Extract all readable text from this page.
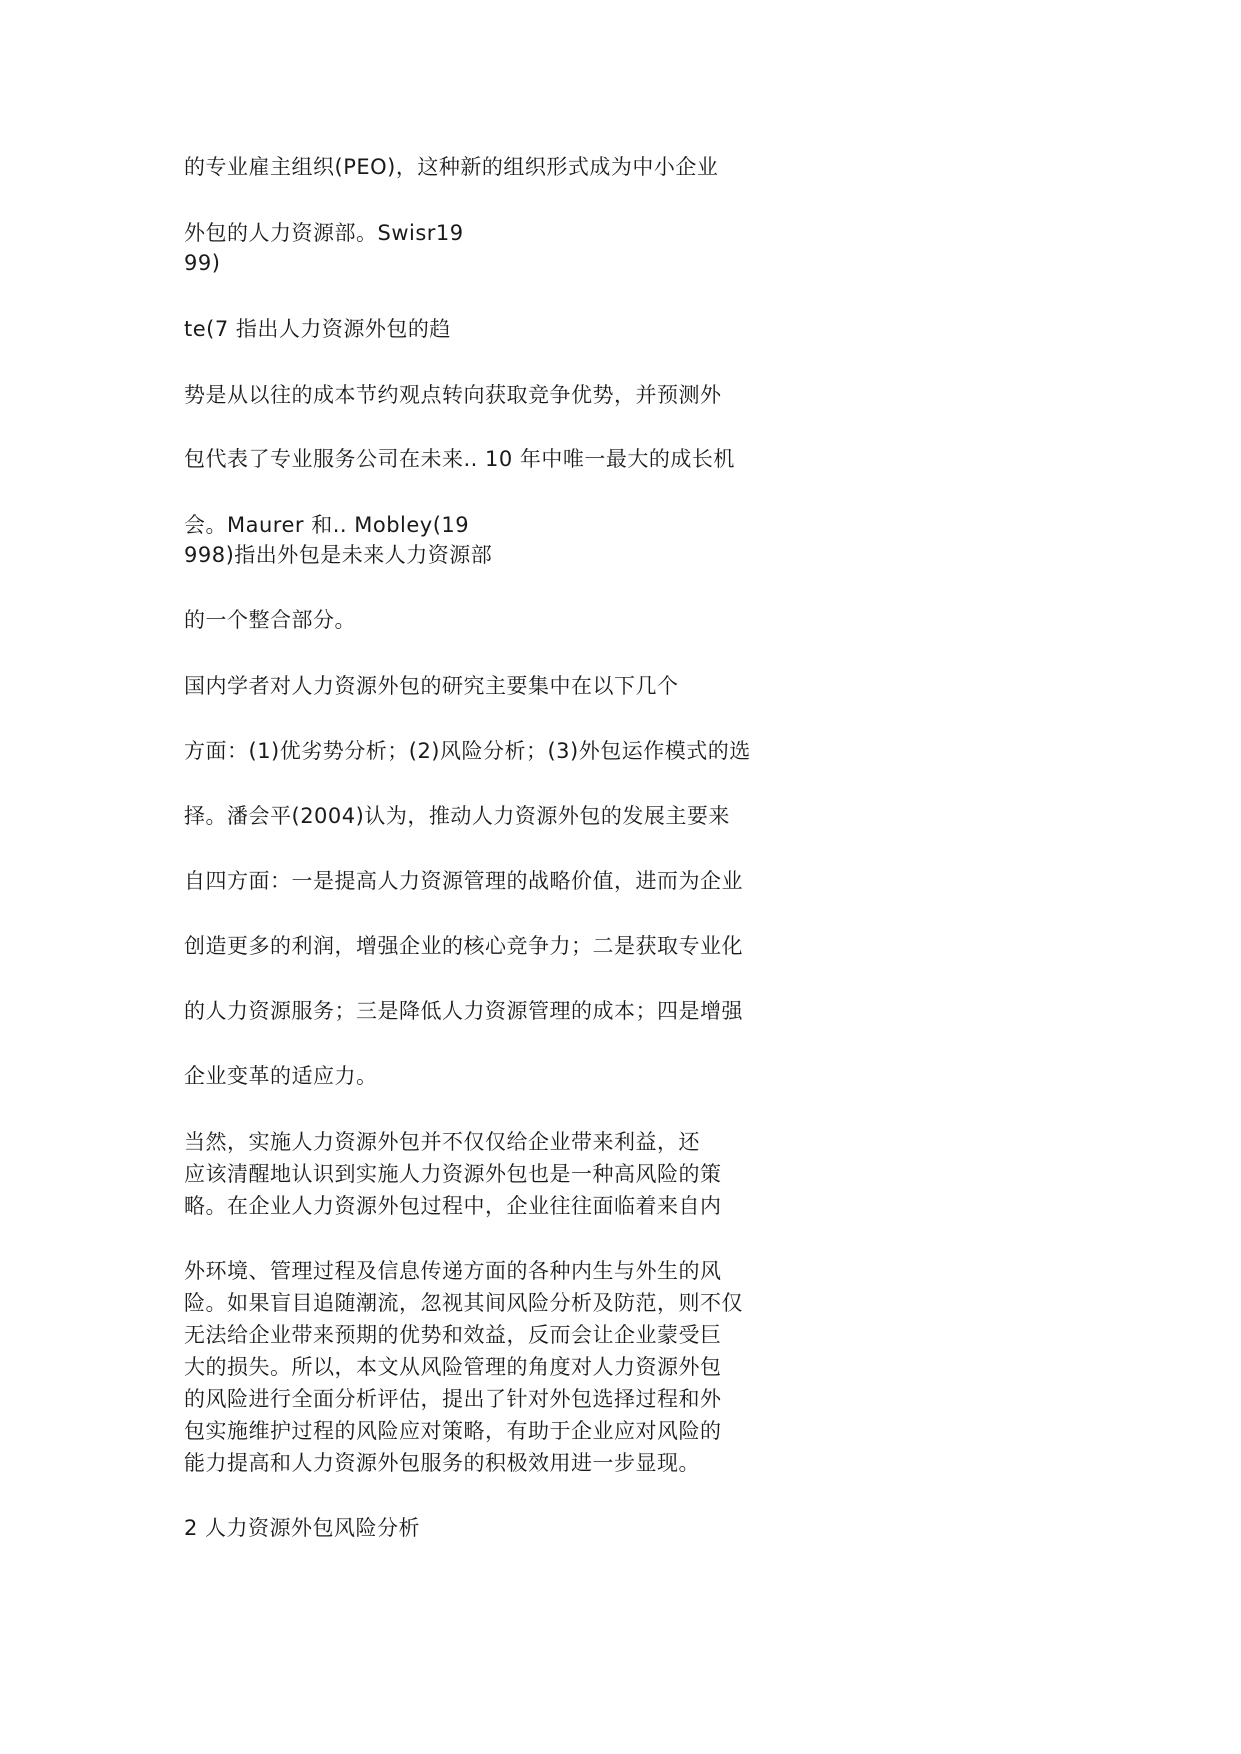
的专业雇主组织(PEO)，这种新的组织形式成为中小企业
外包的人力资源部。Swisr19
99)
te(7 指出人力资源外包的趋
势是从以往的成本节约观点转向获取竞争优势，并预测外
包代表了专业服务公司在未来.. 10 年中唯一最大的成长机
会。Maurer 和.. Mobley(19
998)指出外包是未来人力资源部
的一个整合部分。
国内学者对人力资源外包的研究主要集中在以下几个
方面：(1)优劣势分析；(2)风险分析；(3)外包运作模式的选
择。潘会平(2004)认为，推动人力资源外包的发展主要来
自四方面：一是提高人力资源管理的战略价值，进而为企业
创造更多的利润，增强企业的核心竞争力；二是获取专业化
的人力资源服务；三是降低人力资源管理的成本；四是增强
企业变革的适应力。
当然，实施人力资源外包并不仅仅给企业带来利益，还
应该清醒地认识到实施人力资源外包也是一种高风险的策
略。在企业人力资源外包过程中，企业往往面临着来自内
外环境、管理过程及信息传递方面的各种内生与外生的风
险。如果盲目追随潮流，忽视其间风险分析及防范，则不仅
无法给企业带来预期的优势和效益，反而会让企业蒙受巨
大的损失。所以，本文从风险管理的角度对人力资源外包
的风险进行全面分析评估，提出了针对外包选择过程和外
包实施维护过程的风险应对策略，有助于企业应对风险的
能力提高和人力资源外包服务的积极效用进一步显现。
2 人力资源外包风险分析
